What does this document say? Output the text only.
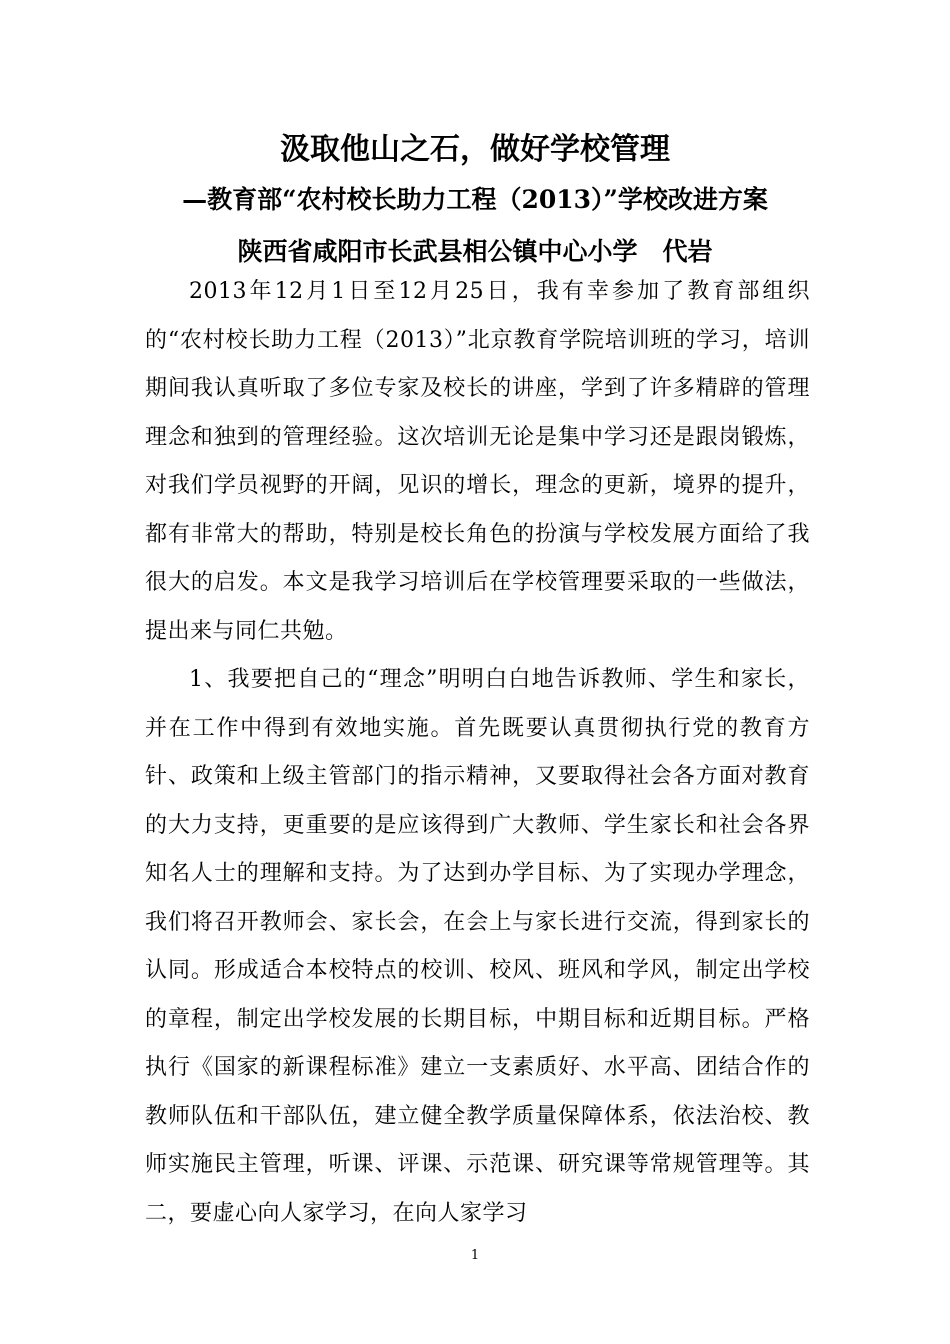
汲取他山之石，做好学校管理
—教育部“农村校长助力工程（2013）”学校改进方案
陕西省咸阳市长武县相公镇中心小学　代岩

2013年12月1日至12月25日，我有幸参加了教育部组织的“农村校长助力工程（2013）”北京教育学院培训班的学习，培训期间我认真听取了多位专家及校长的讲座，学到了许多精辟的管理理念和独到的管理经验。这次培训无论是集中学习还是跟岗锻炼，对我们学员视野的开阔，见识的增长，理念的更新，境界的提升，都有非常大的帮助，特别是校长角色的扮演与学校发展方面给了我很大的启发。本文是我学习培训后在学校管理要采取的一些做法，提出来与同仁共勉。

1、我要把自己的“理念”明明白白地告诉教师、学生和家长，并在工作中得到有效地实施。首先既要认真贯彻执行党的教育方针、政策和上级主管部门的指示精神，又要取得社会各方面对教育的大力支持，更重要的是应该得到广大教师、学生家长和社会各界知名人士的理解和支持。为了达到办学目标、为了实现办学理念，我们将召开教师会、家长会，在会上与家长进行交流，得到家长的认同。形成适合本校特点的校训、校风、班风和学风，制定出学校的章程，制定出学校发展的长期目标，中期目标和近期目标。严格执行《国家的新课程标准》建立一支素质好、水平高、团结合作的教师队伍和干部队伍，建立健全教学质量保障体系，依法治校、教师实施民主管理，听课、评课、示范课、研究课等常规管理等。其二，要虚心向人家学习，在向人家学习

1
